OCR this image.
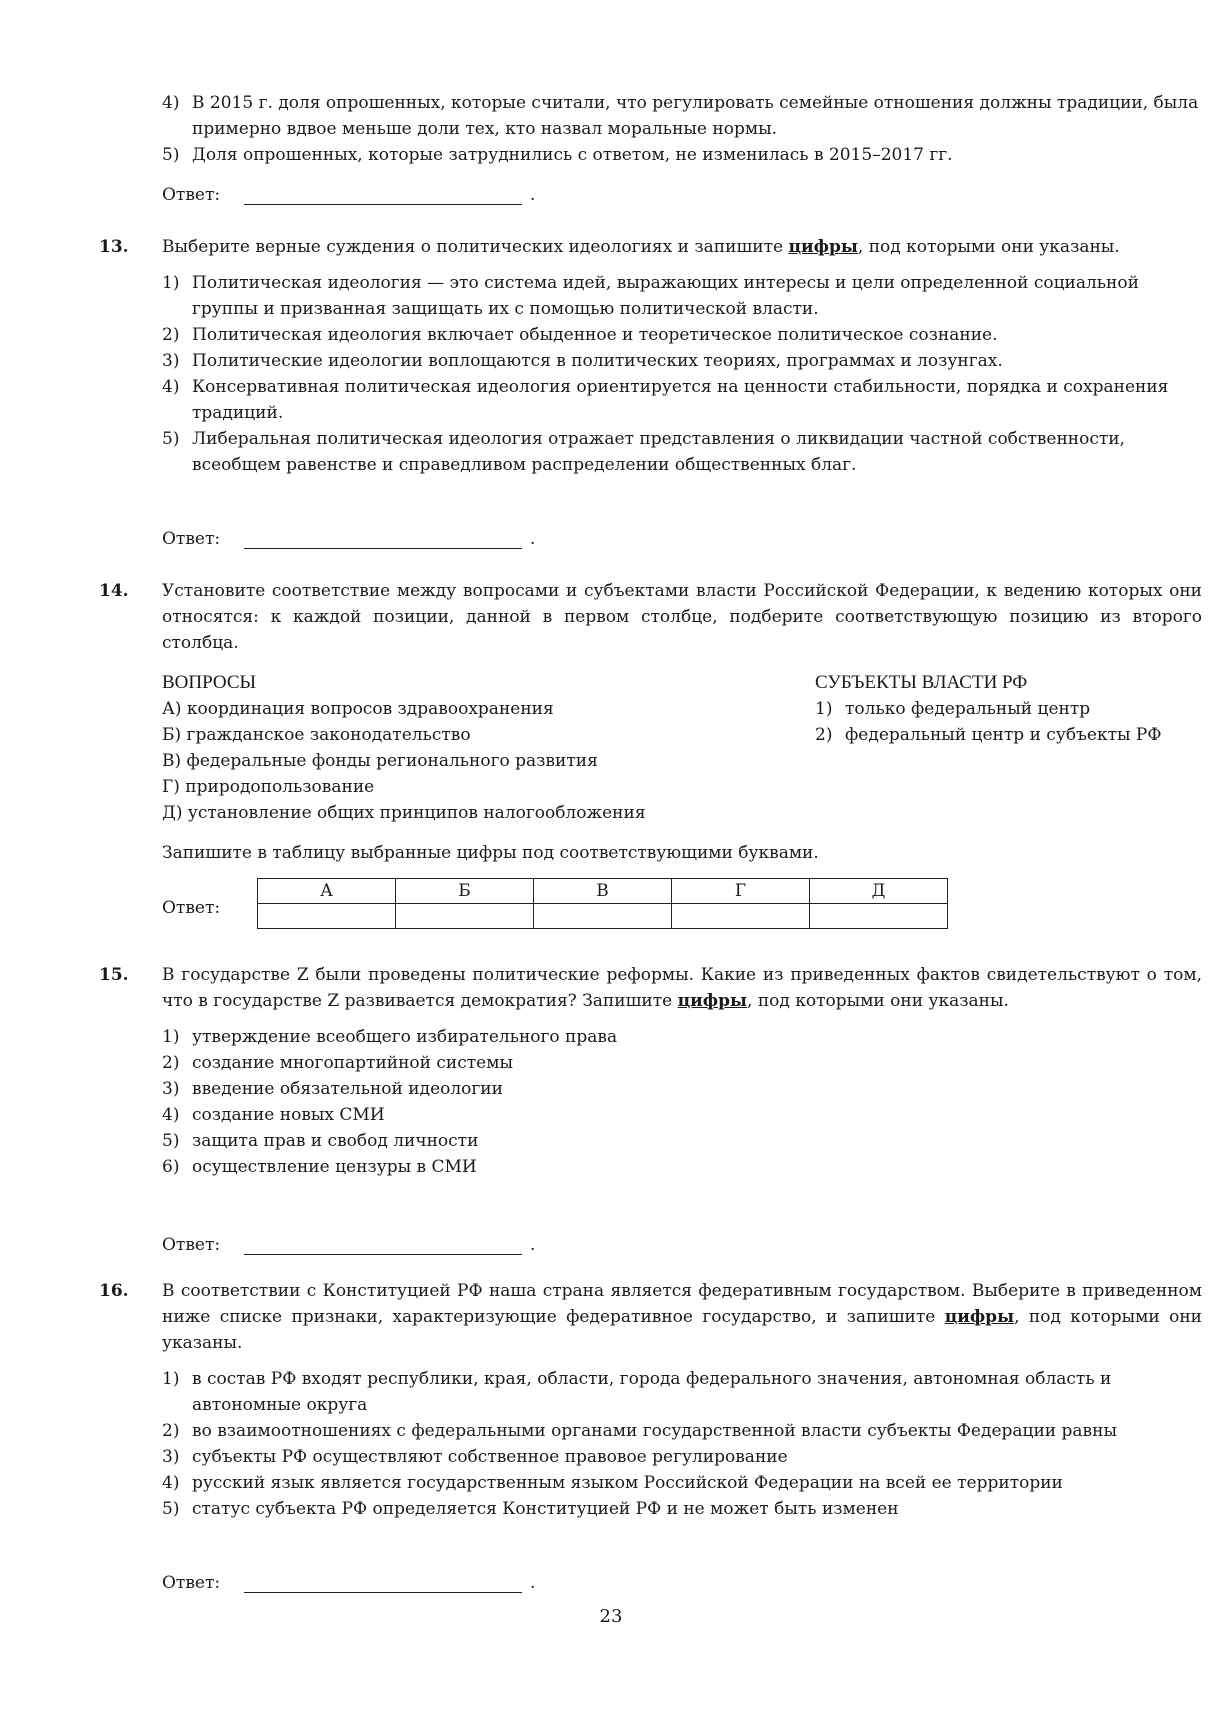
4) В 2015 г. доля опрошенных, которые считали, что регулировать семейные отношения должны традиции, была примерно вдвое меньше доли тех, кто назвал моральные нормы.
5) Доля опрошенных, которые затруднились с ответом, не изменилась в 2015–2017 гг.
Ответ:	.
13. Выберите верные суждения о политических идеологиях и запишите цифры, под которыми они указаны.
1) Политическая идеология — это система идей, выражающих интересы и цели определенной социальной группы и призванная защищать их с помощью политической власти.
2) Политическая идеология включает обыденное и теоретическое политическое сознание.
3) Политические идеологии воплощаются в политических теориях, программах и лозунгах.
4) Консервативная политическая идеология ориентируется на ценности стабильности, порядка и сохранения традиций.
5) Либеральная политическая идеология отражает представления о ликвидации частной собственности, всеобщем равенстве и справедливом распределении общественных благ.
Ответ:	.
14. Установите соответствие между вопросами и субъектами власти Российской Федерации, к ведению которых они относятся: к каждой позиции, данной в первом столбце, подберите соответствующую позицию из второго столбца.
ВОПРОСЫ
А) координация вопросов здравоохранения
Б) гражданское законодательство
В) федеральные фонды регионального развития
Г) природопользование
Д) установление общих принципов налогообложения
СУБЪЕКТЫ ВЛАСТИ РФ
1) только федеральный центр
2) федеральный центр и субъекты РФ
Запишите в таблицу выбранные цифры под соответствующими буквами.
Ответ:
А	Б	В	Г	Д

15. В государстве Z были проведены политические реформы. Какие из приведенных фактов свидетельствуют о том, что в государстве Z развивается демократия? Запишите цифры, под которыми они указаны.
1) утверждение всеобщего избирательного права
2) создание многопартийной системы
3) введение обязательной идеологии
4) создание новых СМИ
5) защита прав и свобод личности
6) осуществление цензуры в СМИ
Ответ:	.
16. В соответствии с Конституцией РФ наша страна является федеративным государством. Выберите в приведенном ниже списке признаки, характеризующие федеративное государство, и запишите цифры, под которыми они указаны.
1) в состав РФ входят республики, края, области, города федерального значения, автономная область и автономные округа
2) во взаимоотношениях с федеральными органами государственной власти субъекты Федерации равны
3) субъекты РФ осуществляют собственное правовое регулирование
4) русский язык является государственным языком Российской Федерации на всей ее территории
5) статус субъекта РФ определяется Конституцией РФ и не может быть изменен
Ответ:	.
23
